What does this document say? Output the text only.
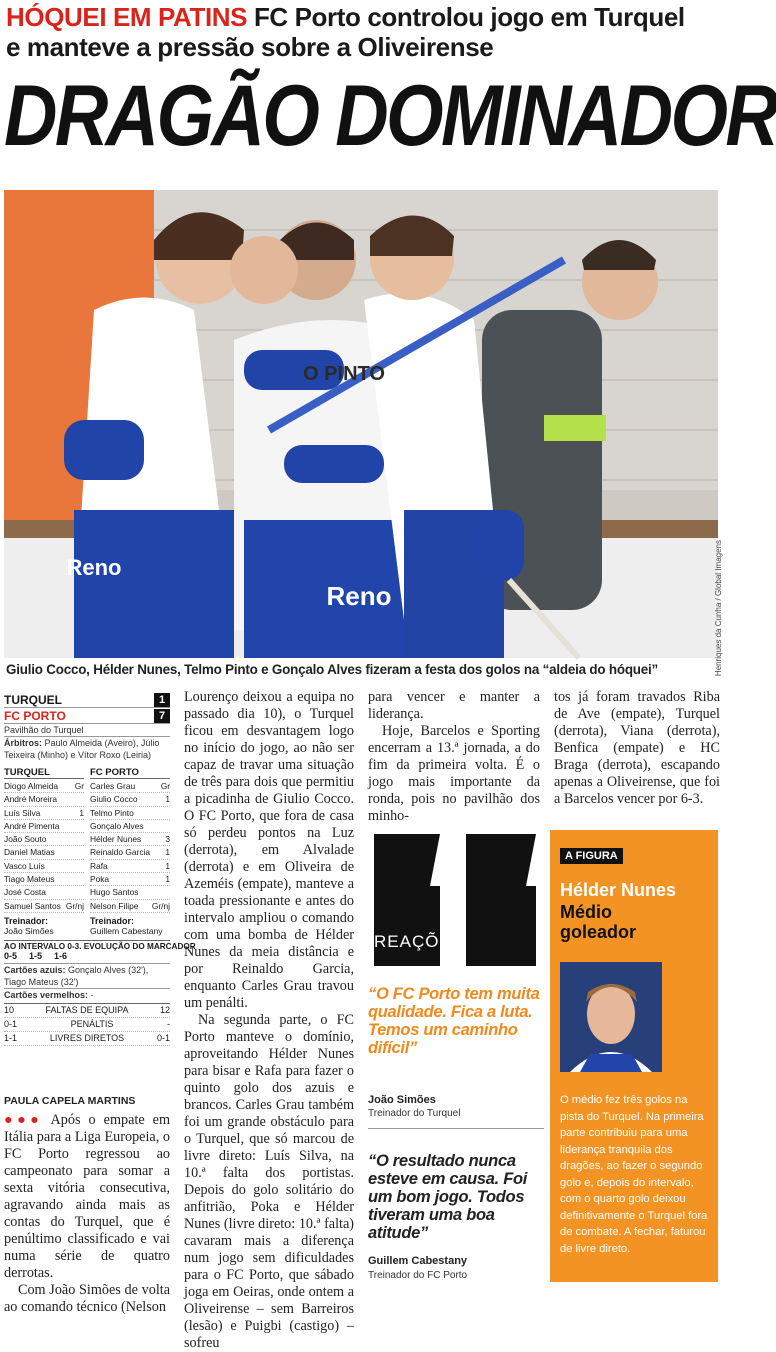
HÓQUEI EM PATINS FC Porto controlou jogo em Turquel
e manteve a pressão sobre a Oliveirense
DRAGÃO DOMINADOR
Reno
Reno
O PINTO
Henriques da Cunha / Global Imagens
Giulio Cocco, Hélder Nunes, Telmo Pinto e Gonçalo Alves fizeram a festa dos golos na “aldeia do hóquei”
TURQUEL	1
FC PORTO	7
Pavilhão do Turquel
Árbitros: Paulo Almeida (Aveiro), Júlio Teixeira (Minho) e Vítor Roxo (Leiria)
TURQUEL
Diogo Almeida Gr
André Moreira
Luís Silva	1
André Pimenta
João Souto
Daniel Matias
Vasco Luís
Tiago Mateus
José Costa
Samuel Santos Gr/nj
Treinador:
João Simões
FC PORTO
Carles Grau	Gr
Giulio Cocco	1
Telmo Pinto
Gonçalo Alves
Hélder Nunes	3
Reinaldo Garcia 1
Rafa	1
Poka	1
Hugo Santos
Nelson Filipe Gr/nj
Treinador:
Guillem Cabestany
AO INTERVALO 0-3. EVOLUÇÃO DO MARCADOR
0-5 1-5 1-6
Cartões azuis: Gonçalo Alves (32'), Tiago Mateus (32')
Cartões vermelhos: -
10	FALTAS DE EQUIPA	12
0-1	PENÁLTIS	-
1-1	LIVRES DIRETOS	0-1
PAULA CAPELA MARTINS

●●● Após o empate em Itália para a Liga Europeia, o FC Porto regressou ao campeonato para somar a sexta vitória consecutiva, agravando ainda mais as contas do Turquel, que é penúltimo classificado e vai numa série de quatro derrotas.

Com João Simões de volta ao comando técnico (Nelson

Lourenço deixou a equipa no passado dia 10), o Turquel ficou em desvantagem logo no início do jogo, ao não ser capaz de travar uma situação de três para dois que permitiu a picadinha de Giulio Cocco. O FC Porto, que fora de casa só perdeu pontos na Luz (derrota), em Alvalade (derrota) e em Oliveira de Azeméis (empate), manteve a toada pressionante e antes do intervalo ampliou o comando com uma bomba de Hélder Nunes da meia distância e por Reinaldo Garcia, enquanto Carles Grau travou um penálti.

Na segunda parte, o FC Porto manteve o domínio, aproveitando Hélder Nunes para bisar e Rafa para fazer o quinto golo dos azuis e brancos. Carles Grau também foi um grande obstáculo para o Turquel, que só marcou de livre direto: Luís Silva, na 10.ª falta dos portistas. Depois do golo solitário do anfitrião, Poka e Hélder Nunes (livre direto: 10.ª falta) cavaram mais a diferença num jogo sem dificuldades para o FC Porto, que sábado joga em Oeiras, onde ontem a Oliveirense – sem Barreiros (lesão) e Puigbi (castigo) – sofreu

para vencer e manter a liderança.

Hoje, Barcelos e Sporting encerram a 13.ª jornada, a do fim da primeira volta. É o jogo mais importante da ronda, pois no pavilhão dos minho-

tos já foram travados Riba de Ave (empate), Turquel (derrota), Viana (derrota), Benfica (empate) e HC Braga (derrota), escapando apenas a Oliveirense, que foi a Barcelos vencer por 6-3.

REAÇÕES
“O FC Porto tem muita qualidade. Fica a luta. Temos um caminho difícil”
João Simões
Treinador do Turquel
“O resultado nunca esteve em causa. Foi um bom jogo. Todos tiveram uma boa atitude”
Guillem Cabestany
Treinador do FC Porto
A FIGURA
Hélder Nunes
Médio goleador
O médio fez três golos na pista do Turquel. Na primeira parte contribuiu para uma liderança tranquila dos dragões, ao fazer o segundo golo e, depois do intervalo, com o quarto golo deixou definitivamente o Turquel fora de combate. A fechar, faturou de livre direto.
